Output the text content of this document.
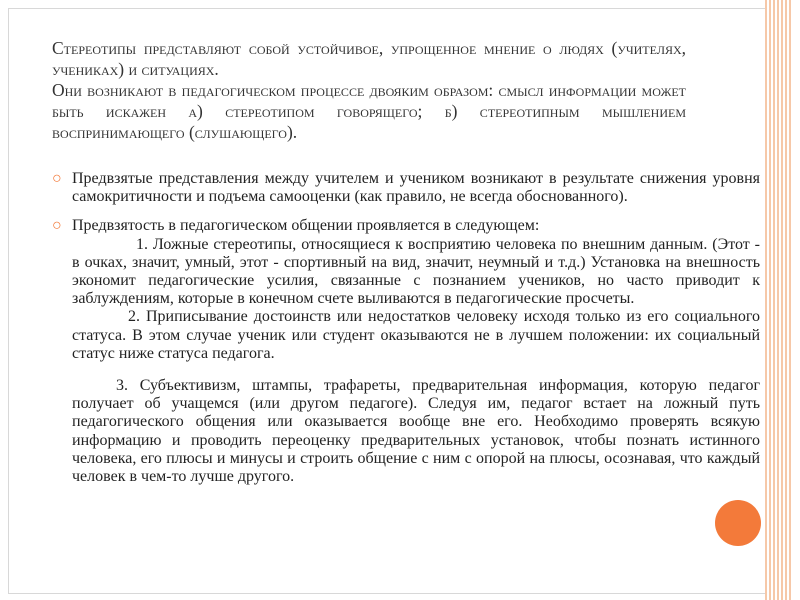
Стереотипы представляют собой устойчивое, упрощенное мнение о людях (учителях, учениках) и ситуациях.

Они возникают в педагогическом процессе двояким образом: смысл информации может быть искажен а) стереотипом говорящего; б) стереотипным мышлением воспринимающего (слушающего).

○ Предвзятые представления между учителем и учеником возникают в результате снижения уровня самокритичности и подъема самооценки (как правило, не всегда обоснованного).

○ Предвзятость в педагогическом общении проявляется в следующем:

1. Ложные стереотипы, относящиеся к восприятию человека по внешним данным. (Этот - в очках, значит, умный, этот - спортивный на вид, значит, неумный и т.д.) Установка на внешность экономит педагогические усилия, связанные с познанием учеников, но часто приводит к заблуждениям, которые в конечном счете выливаются в педагогические просчеты.

2. Приписывание достоинств или недостатков человеку исходя только из его социального статуса. В этом случае ученик или студент оказываются не в лучшем положении: их социальный статус ниже статуса педагога.

3. Субъективизм, штампы, трафареты, предварительная информация, которую педагог получает об учащемся (или другом педагоге). Следуя им, педагог встает на ложный путь педагогического общения или оказывается вообще вне его. Необходимо проверять всякую информацию и проводить переоценку предварительных установок, чтобы познать истинного человека, его плюсы и минусы и строить общение с ним с опорой на плюсы, осознавая, что каждый человек в чем-то лучше другого.
